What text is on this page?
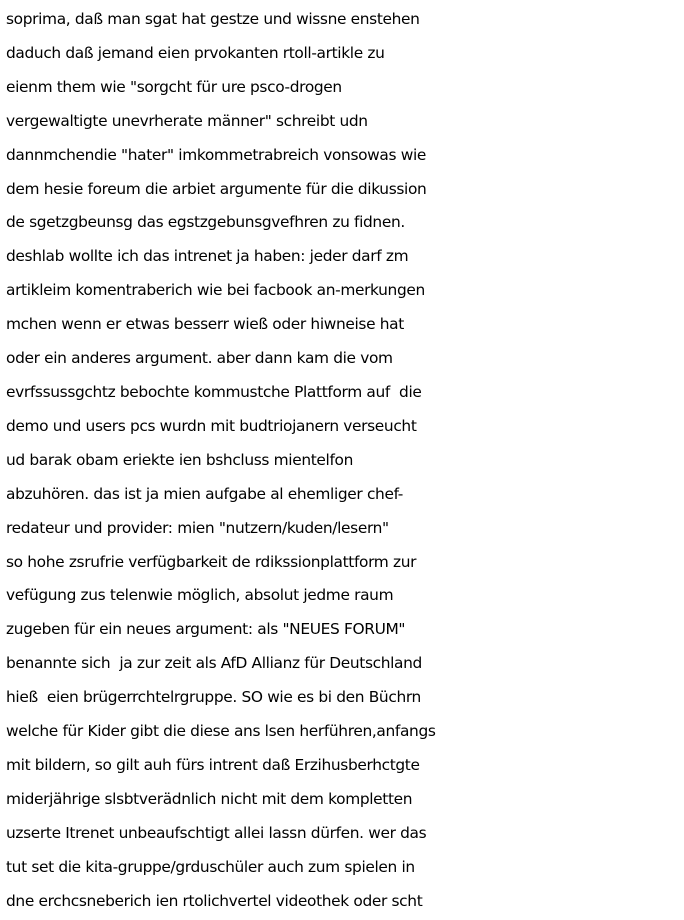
soprima, daß man sgat hat gestze und wissne enstehen
daduch daß jemand eien prvokanten rtoll-artikle zu
eienm them wie "sorgcht für ure psco-drogen
vergewaltigte unevrherate männer" schreibt udn
dannmchendie "hater" imkommetrabreich vonsowas wie
dem hesie foreum die arbiet argumente für die dikussion
de sgetzgbeunsg das egstzgebunsgvefhren zu fidnen.
deshlab wollte ich das intrenet ja haben: jeder darf zm
artikleim komentraberich wie bei facbook an-merkungen
mchen wenn er etwas besserr wieß oder hiwneise hat
oder ein anderes argument. aber dann kam die vom
evrfssussgchtz bebochte kommustche Plattform auf  die
demo und users pcs wurdn mit budtriojanern verseucht
ud barak obam eriekte ien bshcluss mientelfon
abzuhören. das ist ja mien aufgabe al ehemliger chef-
redateur und provider: mien "nutzern/kuden/lesern"
so hohe zsrufrie verfügbarkeit de rdikssionplattform zur
vefügung zus telenwie möglich, absolut jedme raum
zugeben für ein neues argument: als "NEUES FORUM"
benannte sich  ja zur zeit als AfD Allianz für Deutschland
hieß  eien brügerrchtelrgruppe. SO wie es bi den Büchrn
welche für Kider gibt die diese ans lsen herführen,anfangs
mit bildern, so gilt auh fürs intrent daß Erzihusberhctgte
miderjährige slsbtverädnlich nicht mit dem kompletten
uzserte Itrenet unbeaufschtigt allei lassn dürfen. wer das
tut set die kita-gruppe/grduschüler auch zum spielen in
dne erchcsneberich ien rtolichvertel videothek oder scht
